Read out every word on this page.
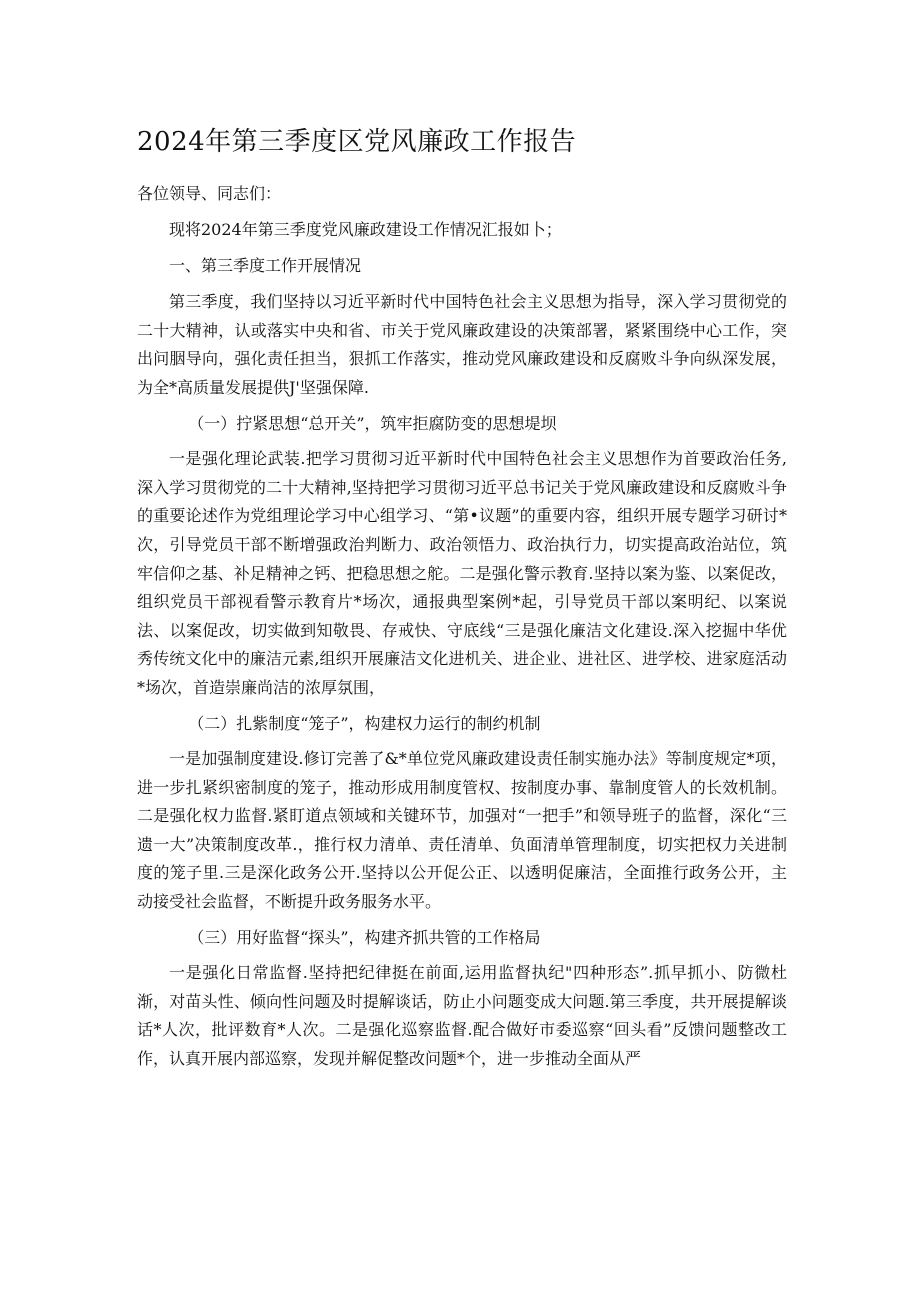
2024年第三季度区党风廉政工作报告

各位领导、同志们：

现将2024年第三季度党风廉政建设工作情况汇报如卜；

一、第三季度工作开展情况

第三季度，我们坚持以习近平新时代中国特色社会主义思想为指导，深入学习贯彻党的二十大精神，认或落实中央和省、市关于党风廉政建设的决策部署，紧紧围绕中心工作，突出问胭导向，强化责任担当，狠抓工作落实，推动党风廉政建设和反腐败斗争向纵深发展，为全*高质量发展提供J'坚强保障.

（一）拧紧思想“总开关”，筑牢拒腐防变的思想堤坝

一是强化理论武装.把学习贯彻习近平新时代中国特色社会主义思想作为首要政治任务,深入学习贯彻党的二十大精神,坚持把学习贯彻习近平总书记关于党风廉政建设和反腐败斗争的重要论述作为党组理论学习中心组学习、“第•议题”的重要内容，组织开展专题学习研讨*次，引导党员干部不断增强政治判断力、政治领悟力、政治执行力，切实提高政治站位，筑牢信仰之基、补足精神之钙、把稳思想之舵。二是强化警示教育.坚持以案为鉴、以案促改，组织党员干部视看警示教育片*场次，通报典型案例*起，引导党员干部以案明纪、以案说法、以案促改，切实做到知敬畏、存戒快、守底线“三是强化廉洁文化建设.深入挖掘中华优秀传统文化中的廉洁元素,组织开展廉洁文化进机关、进企业、进社区、进学校、进家庭活动*场次，首造崇廉尚洁的浓厚氛围，

（二）扎紫制度“笼子”，构建权力运行的制约机制

一是加强制度建设.修订完善了&*单位党风廉政建设责任制实施办法》等制度规定*项，进一步扎紧织密制度的笼子，推动形成用制度管权、按制度办事、靠制度管人的长效机制。二是强化权力监督.紧盯道点领域和关键环节，加强对“一把手”和领导班子的监督，深化“三遗一大”决策制度改革.，推行权力清单、责任清单、负面清单管理制度，切实把权力关进制度的笼子里.三是深化政务公开.坚持以公开促公正、以透明促廉洁，全面推行政务公开，主动接受社会监督，不断提升政务服务水平。

（三）用好监督“探头”，构建齐抓共管的工作格局

一是强化日常监督.坚持把纪律挺在前面,运用监督执纪"四种形态”.抓早抓小、防微杜渐，对苗头性、倾向性问题及时提解谈话，防止小问题变成大问题.第三季度，共开展提解谈话*人次，批评数育*人次。二是强化巡察监督.配合做好市委巡察“回头看”反馈问题整改工作，认真开展内部巡察，发现并解促整改问题*个，进一步推动全面从严
